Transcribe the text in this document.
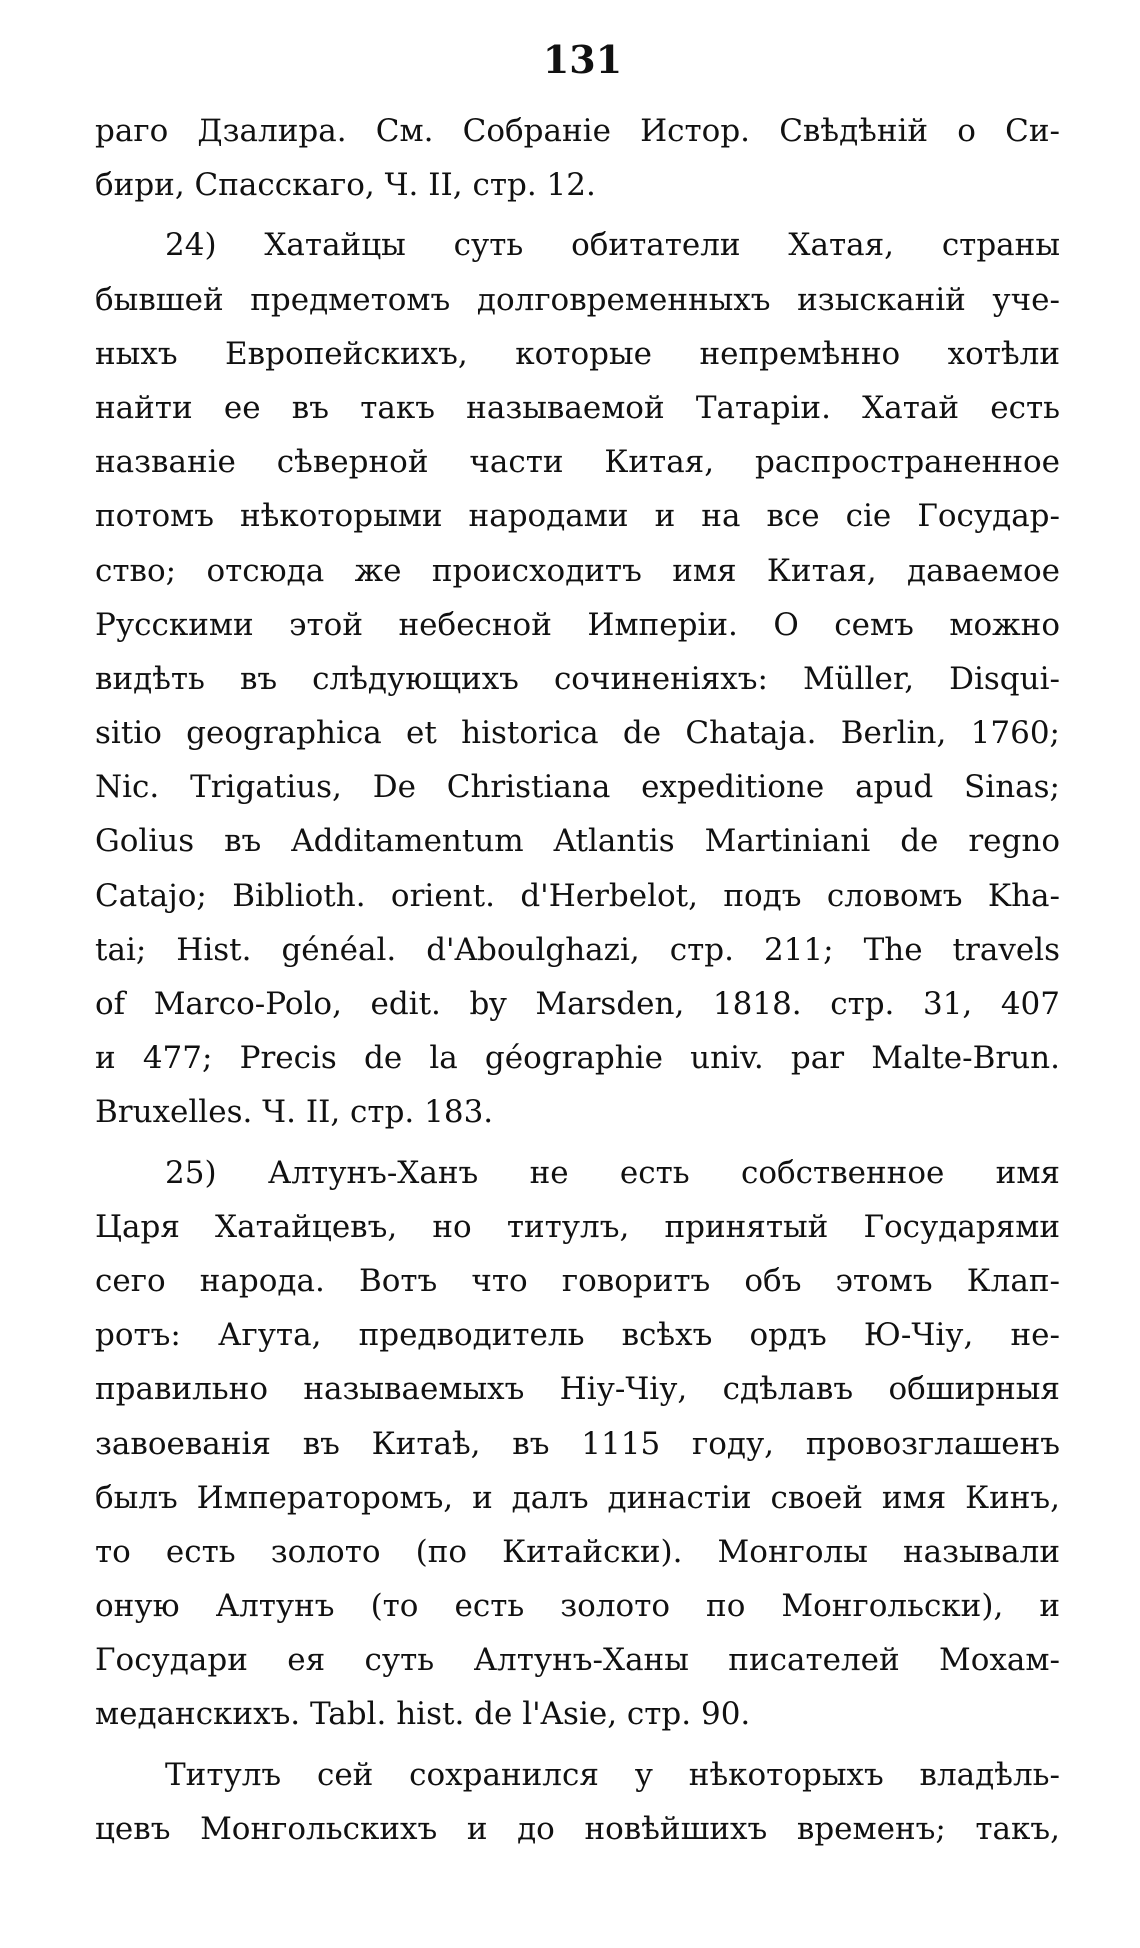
131
раго Дзалира. См. Собраніе Истор. Свѣдѣній о Си-
бири, Спасскаго, Ч. II, стр. 12.
24) Хатайцы суть обитатели Хатая, страны
бывшей предметомъ долговременныхъ изысканій уче-
ныхъ Европейскихъ, которые непремѣнно хотѣли
найти ее въ такъ называемой Татаріи. Хатай есть
названіе сѣверной части Китая, распространенное
потомъ нѣкоторыми народами и на все сіе Государ-
ство; отсюда же происходитъ имя Китая, даваемое
Русскими этой небесной Имперіи. О семъ можно
видѣть въ слѣдующихъ сочиненіяхъ: Müller, Disqui-
sitio geographica et historica de Chataja. Berlin, 1760;
Nic. Trigatius, De Christiana expeditione apud Sinas;
Golius въ Additamentum Atlantis Martiniani de regno
Catajo; Biblioth. orient. d'Herbelot, подъ словомъ Kha-
tai; Hist. généal. d'Aboulghazi, стр. 211; The travels
of Marco-Polo, edit. by Marsden, 1818. стр. 31, 407
и 477; Precis de la géographie univ. par Malte-Brun.
Bruxelles. Ч. II, стр. 183.
25) Алтунъ-Ханъ не есть собственное имя
Царя Хатайцевъ, но титулъ, принятый Государями
сего народа. Вотъ что говоритъ объ этомъ Клап-
ротъ: Агута, предводитель всѣхъ ордъ Ю-Чіу, не-
правильно называемыхъ Ніу-Чіу, сдѣлавъ обширныя
завоеванія въ Китаѣ, въ 1115 году, провозглашенъ
былъ Императоромъ, и далъ династіи своей имя Кинъ,
то есть золото (по Китайски). Монголы называли
оную Алтунъ (то есть золото по Монгольски), и
Государи ея суть Алтунъ-Ханы писателей Мохам-
меданскихъ. Tabl. hist. de l'Asie, стр. 90.
Титулъ сей сохранился у нѣкоторыхъ владѣль-
цевъ Монгольскихъ и до новѣйшихъ временъ; такъ,
